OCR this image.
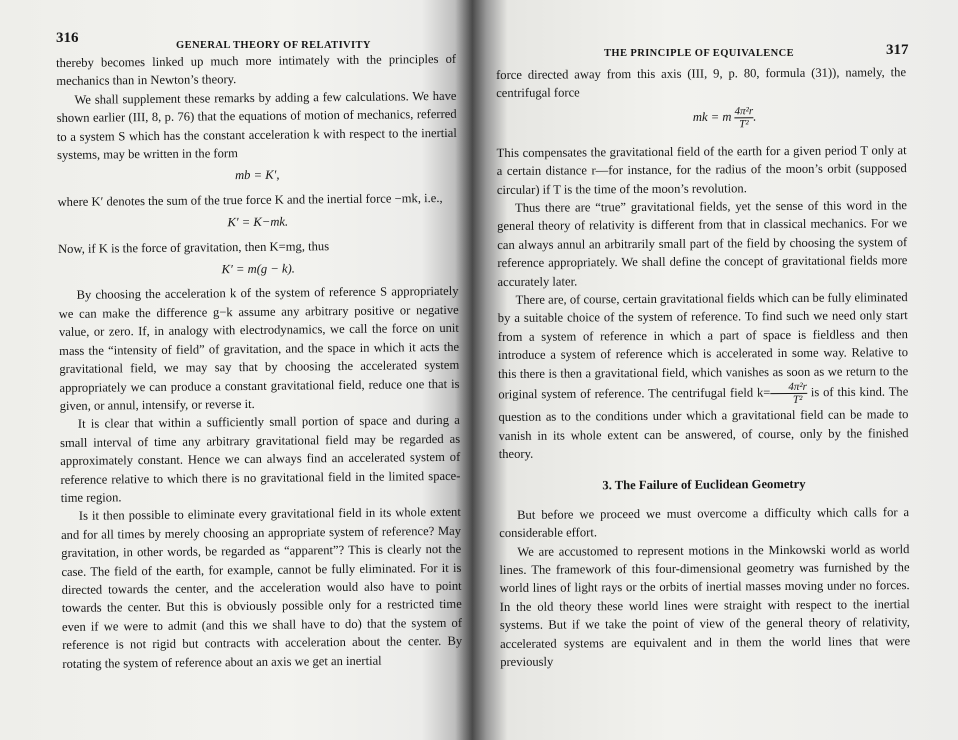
316	GENERAL THEORY OF RELATIVITY

thereby becomes linked up much more intimately with the principles of mechanics than in Newton’s theory.

We shall supplement these remarks by adding a few calculations. We have shown earlier (III, 8, p. 76) that the equations of motion of mechanics, referred to a system S which has the constant acceleration k with respect to the inertial systems, may be written in the form

mb = K′,

where K′ denotes the sum of the true force K and the inertial force −mk, i.e.,

K′ = K−mk.

Now, if K is the force of gravitation, then K=mg, thus

K′ = m(g − k).

By choosing the acceleration k of the system of reference S appropriately we can make the difference g−k assume any arbitrary positive or negative value, or zero. If, in analogy with electrodynamics, we call the force on unit mass the “intensity of field” of gravitation, and the space in which it acts the gravitational field, we may say that by choosing the accelerated system appropriately we can produce a constant gravitational field, reduce one that is given, or annul, intensify, or reverse it.

It is clear that within a sufficiently small portion of space and during a small interval of time any arbitrary gravitational field may be regarded as approximately constant. Hence we can always find an accelerated system of reference relative to which there is no gravitational field in the limited space-time region.

Is it then possible to eliminate every gravitational field in its whole extent and for all times by merely choosing an appropriate system of reference? May gravitation, in other words, be regarded as “apparent”? This is clearly not the case. The field of the earth, for example, cannot be fully eliminated. For it is directed towards the center, and the acceleration would also have to point towards the center. But this is obviously possible only for a restricted time even if we were to admit (and this we shall have to do) that the system of reference is not rigid but contracts with acceleration about the center. By rotating the system of reference about an axis we get an inertial

THE PRINCIPLE OF EQUIVALENCE	317

force directed away from this axis (III, 9, p. 80, formula (31)), namely, the centrifugal force

mk = m $\frac{\text{4π²r}}{\text{T²}}$ .

This compensates the gravitational field of the earth for a given period T only at a certain distance r—for instance, for the radius of the moon’s orbit (supposed circular) if T is the time of the moon’s revolution.

Thus there are “true” gravitational fields, yet the sense of this word in the general theory of relativity is different from that in classical mechanics. For we can always annul an arbitrarily small part of the field by choosing the system of reference appropriately. We shall define the concept of gravitational fields more accurately later.

There are, of course, certain gravitational fields which can be fully eliminated by a suitable choice of the system of reference. To find such we need only start from a system of reference in which a part of space is fieldless and then introduce a system of reference which is accelerated in some way. Relative to this there is then a gravitational field, which vanishes as soon as we return to the original system of reference. The centrifugal field $k= \frac{\text{4π²r}}{\text{T²}}$ is of this kind. The question as to the conditions under which a gravitational field can be made to vanish in its whole extent can be answered, of course, only by the finished theory.

3. The Failure of Euclidean Geometry

But before we proceed we must overcome a difficulty which calls for a considerable effort.

We are accustomed to represent motions in the Minkowski world as world lines. The framework of this four-dimensional geometry was furnished by the world lines of light rays or the orbits of inertial masses moving under no forces. In the old theory these world lines were straight with respect to the inertial systems. But if we take the point of view of the general theory of relativity, accelerated systems are equivalent and in them the world lines that were previously
